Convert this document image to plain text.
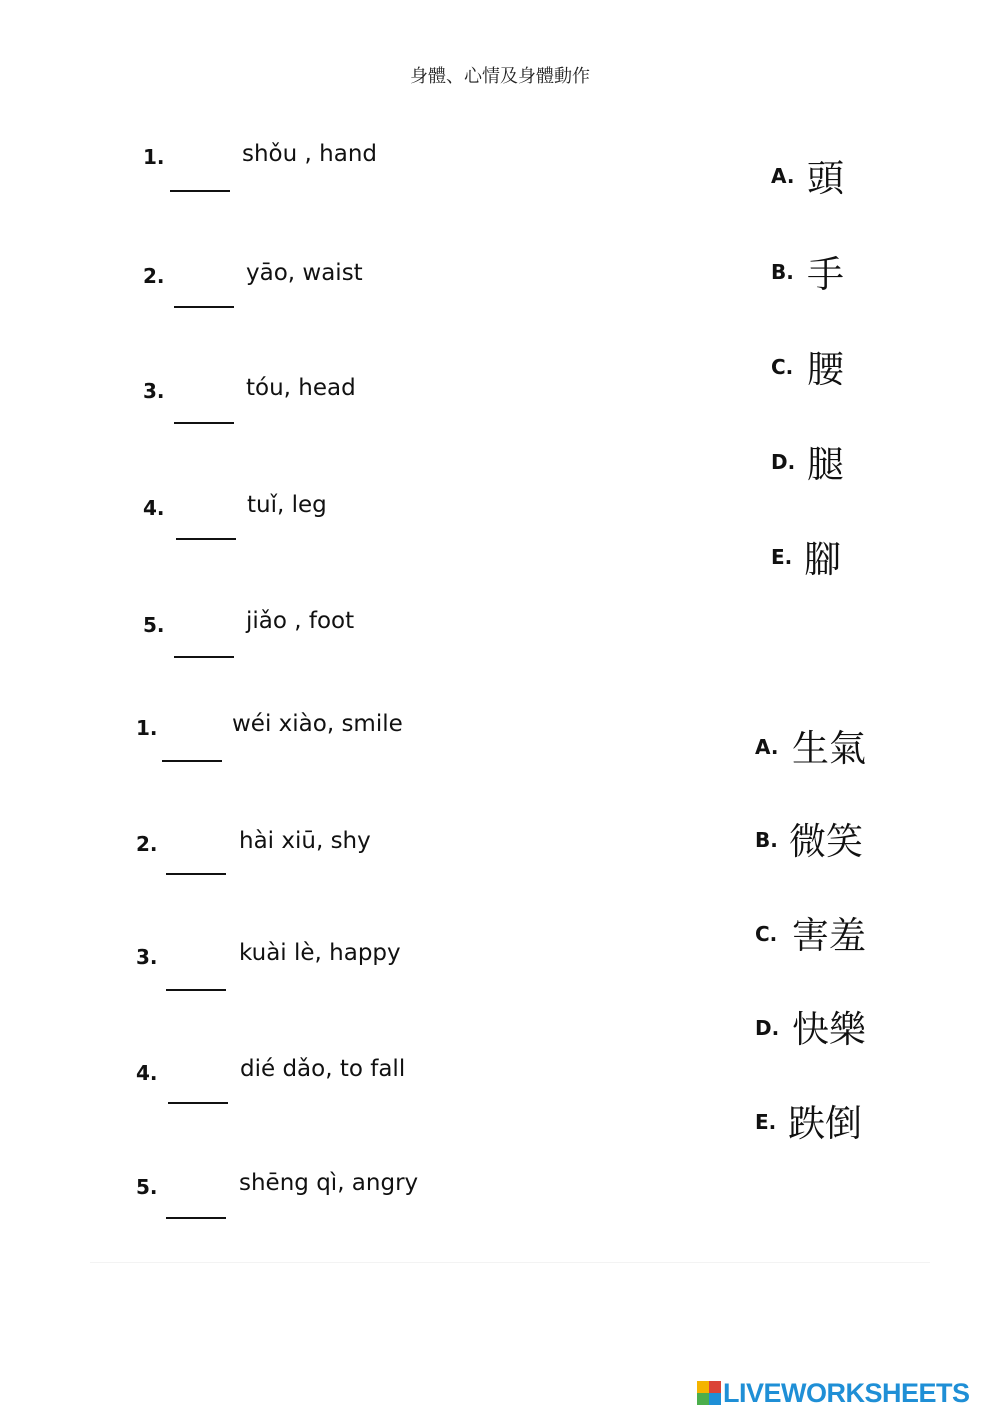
身體、心情及身體動作
1.	shǒu , hand
2.	yāo, waist
3.	tóu, head
4.	tuǐ, leg
5.	jiǎo , foot
A. 頭
B. 手
C. 腰
D. 腿
E. 腳
1.	wéi xiào, smile
2.	hài xiū, shy
3.	kuài lè, happy
4.	dié dǎo, to fall
5.	shēng qì, angry
A. 生氣
B. 微笑
C. 害羞
D. 快樂
E. 跌倒
LIVEWORKSHEETS
